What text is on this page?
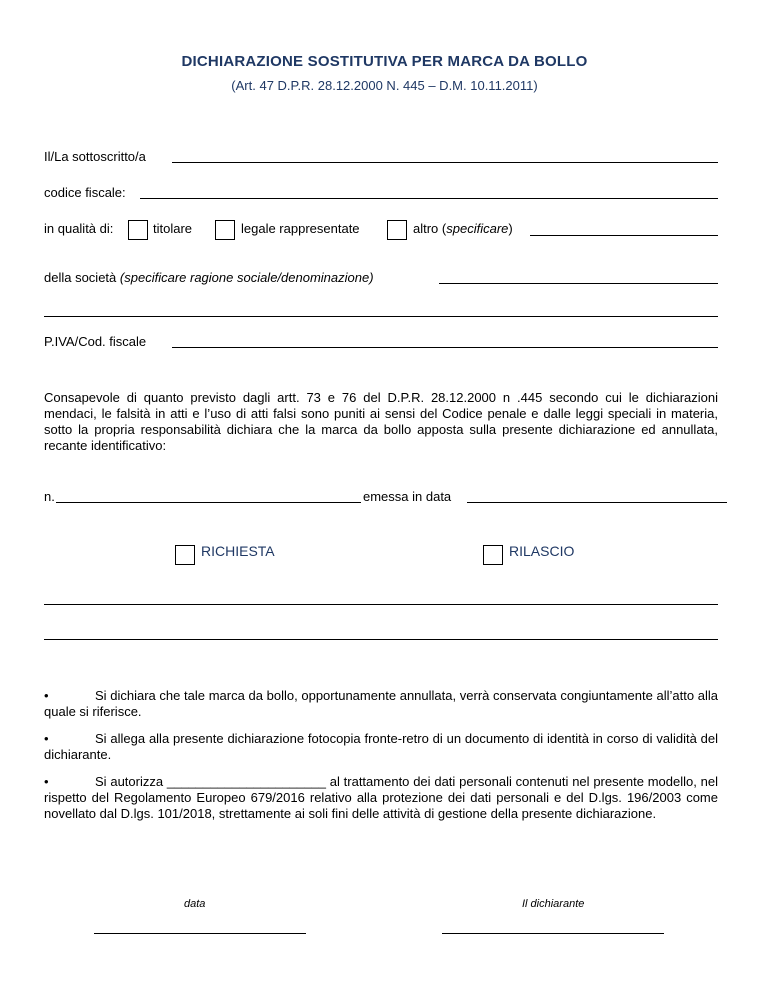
DICHIARAZIONE SOSTITUTIVA PER MARCA DA BOLLO
(Art. 47 D.P.R. 28.12.2000 N. 445 – D.M. 10.11.2011)
Il/La sottoscritto/a
codice fiscale:
in qualità di:	titolare	legale rappresentate	altro (specificare)
della società (specificare ragione sociale/denominazione)
P.IVA/Cod. fiscale
Consapevole di quanto previsto dagli artt. 73 e 76 del D.P.R. 28.12.2000 n .445 secondo cui le dichiarazioni mendaci, le falsità in atti e l’uso di atti falsi sono puniti ai sensi del Codice penale e dalle leggi speciali in materia, sotto la propria responsabilità dichiara che la marca da bollo apposta sulla presente dichiarazione ed annullata, recante identificativo:
n.	emessa in data
RICHIESTA	RILASCIO
•	Si dichiara che tale marca da bollo, opportunamente annullata, verrà conservata congiuntamente all’atto alla quale si riferisce.
•	Si allega alla presente dichiarazione fotocopia fronte-retro di un documento di identità in corso di validità del dichiarante.
•	Si autorizza ______________________ al trattamento dei dati personali contenuti nel presente modello, nel rispetto del Regolamento Europeo 679/2016 relativo alla protezione dei dati personali e del D.lgs. 196/2003 come novellato dal D.lgs. 101/2018, strettamente ai soli fini delle attività di gestione della presente dichiarazione.
data	Il dichiarante
